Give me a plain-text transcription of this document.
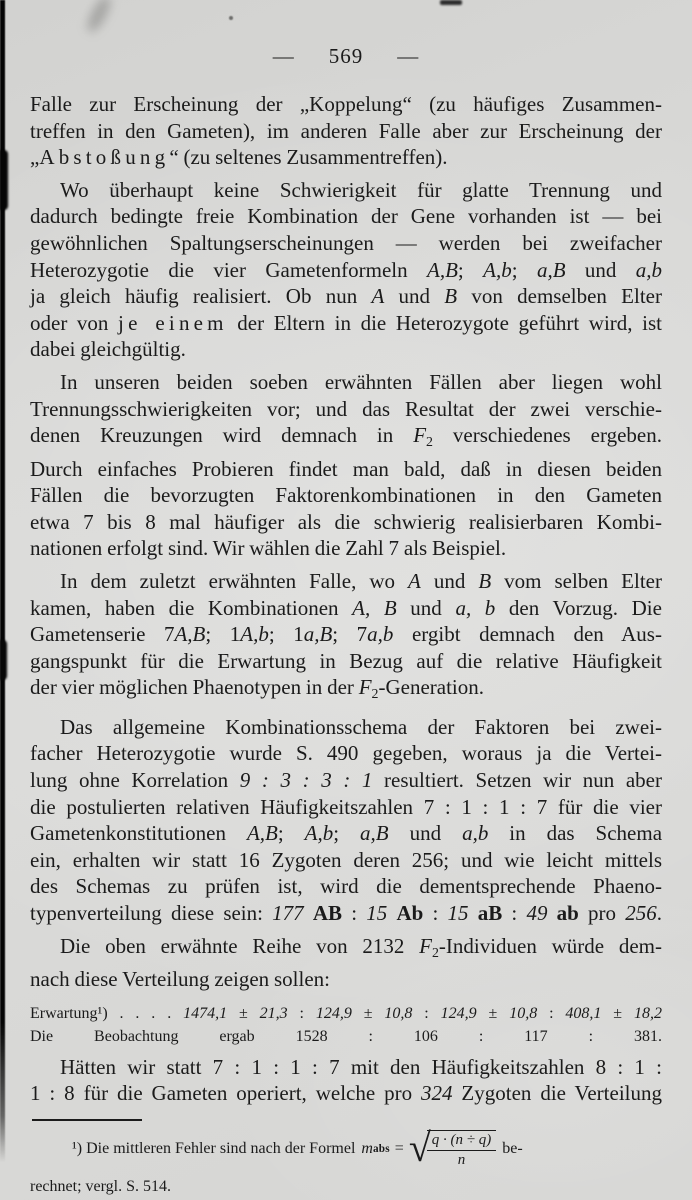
— 569 —
Falle zur Erscheinung der „Koppelung“ (zu häufiges Zusammen-
treffen in den Gameten), im anderen Falle aber zur Erscheinung der
„Abstoßung“ (zu seltenes Zusammentreffen).
Wo überhaupt keine Schwierigkeit für glatte Trennung und
dadurch bedingte freie Kombination der Gene vorhanden ist — bei
gewöhnlichen Spaltungserscheinungen — werden bei zweifacher
Heterozygotie die vier Gametenformeln A,B; A,b; a,B und a,b
ja gleich häufig realisiert. Ob nun A und B von demselben Elter
oder von je einem der Eltern in die Heterozygote geführt wird, ist
dabei gleichgültig.
In unseren beiden soeben erwähnten Fällen aber liegen wohl
Trennungsschwierigkeiten vor; und das Resultat der zwei verschie-
denen Kreuzungen wird demnach in F2 verschiedenes ergeben.
Durch einfaches Probieren findet man bald, daß in diesen beiden
Fällen die bevorzugten Faktorenkombinationen in den Gameten
etwa 7 bis 8 mal häufiger als die schwierig realisierbaren Kombi-
nationen erfolgt sind. Wir wählen die Zahl 7 als Beispiel.
In dem zuletzt erwähnten Falle, wo A und B vom selben Elter
kamen, haben die Kombinationen A, B und a, b den Vorzug. Die
Gametenserie 7A,B; 1A,b; 1a,B; 7a,b ergibt demnach den Aus-
gangspunkt für die Erwartung in Bezug auf die relative Häufigkeit
der vier möglichen Phaenotypen in der F2-Generation.
Das allgemeine Kombinationsschema der Faktoren bei zwei-
facher Heterozygotie wurde S. 490 gegeben, woraus ja die Vertei-
lung ohne Korrelation 9 : 3 : 3 : 1 resultiert. Setzen wir nun aber
die postulierten relativen Häufigkeitszahlen 7 : 1 : 1 : 7 für die vier
Gametenkonstitutionen A,B; A,b; a,B und a,b in das Schema
ein, erhalten wir statt 16 Zygoten deren 256; und wie leicht mittels
des Schemas zu prüfen ist, wird die dementsprechende Phaeno-
typenverteilung diese sein: 177 AB : 15 Ab : 15 aB : 49 ab pro 256.
Die oben erwähnte Reihe von 2132 F2-Individuen würde dem-
nach diese Verteilung zeigen sollen:
Erwartung¹) . . . . 1474,1 ± 21,3 : 124,9 ± 10,8 : 124,9 ± 10,8 : 408,1 ± 18,2
Die Beobachtung ergab 1528 : 106 : 117 : 381.
Hätten wir statt 7 : 1 : 1 : 7 mit den Häufigkeitszahlen 8 : 1 :
1 : 8 für die Gameten operiert, welche pro 324 Zygoten die Verteilung
¹) Die mittleren Fehler sind nach der Formel m abs = √
$\frac{q \cdot (n \div q)}{n} be-$
rechnet; vergl. S. 514.
